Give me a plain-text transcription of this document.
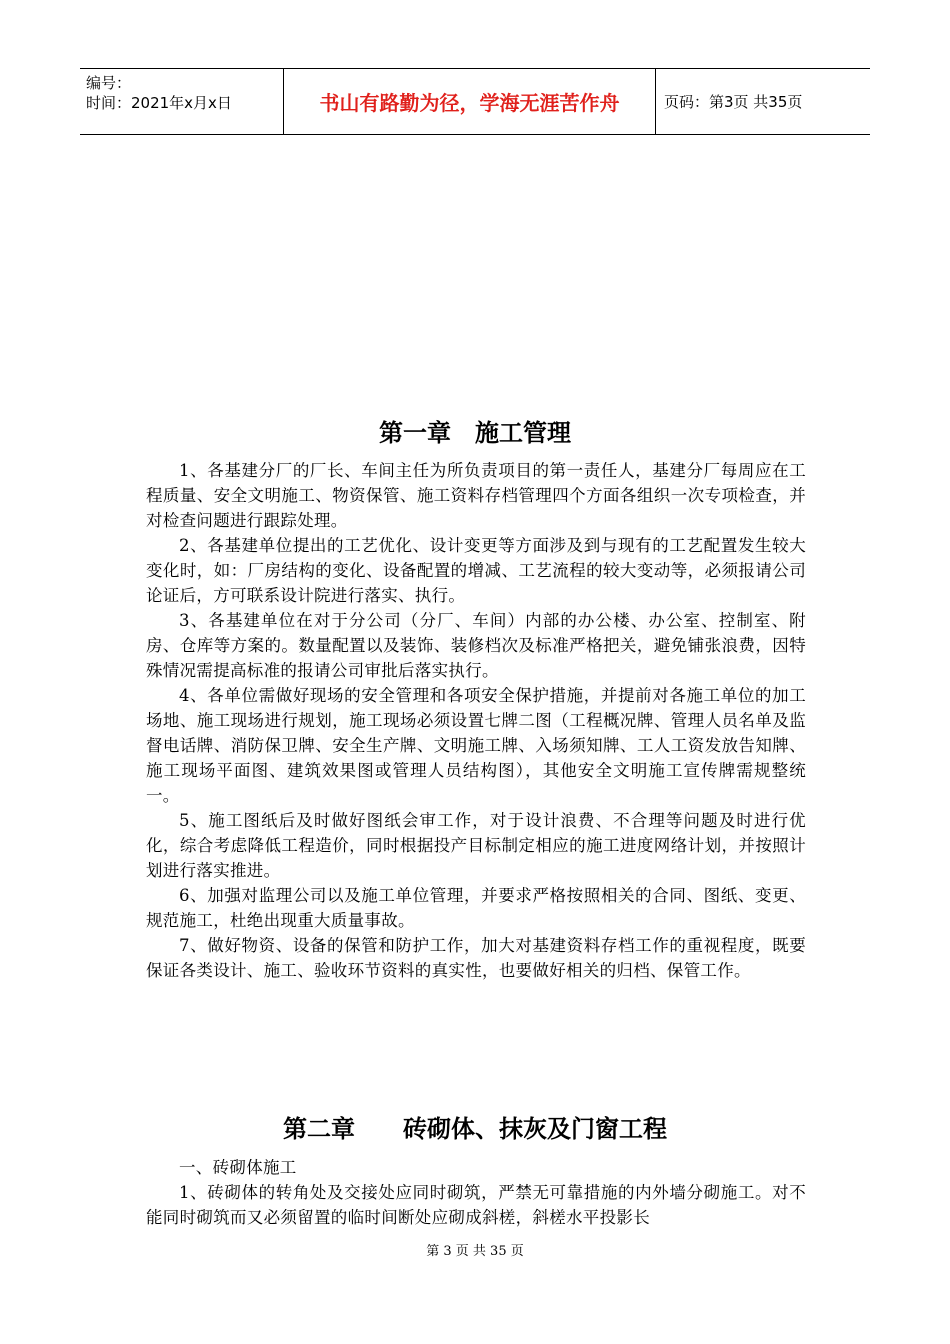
编号：
时间：2021年x月x日	书山有路勤为径，学海无涯苦作舟	页码：第3页 共35页
第一章　施工管理

1、各基建分厂的厂长、车间主任为所负责项目的第一责任人，基建分厂每周应在工程质量、安全文明施工、物资保管、施工资料存档管理四个方面各组织一次专项检查，并对检查问题进行跟踪处理。

2、各基建单位提出的工艺优化、设计变更等方面涉及到与现有的工艺配置发生较大变化时，如：厂房结构的变化、设备配置的增减、工艺流程的较大变动等，必须报请公司论证后，方可联系设计院进行落实、执行。

3、各基建单位在对于分公司（分厂、车间）内部的办公楼、办公室、控制室、附房、仓库等方案的。数量配置以及装饰、装修档次及标准严格把关，避免铺张浪费，因特殊情况需提高标准的报请公司审批后落实执行。

4、各单位需做好现场的安全管理和各项安全保护措施，并提前对各施工单位的加工场地、施工现场进行规划，施工现场必须设置七牌二图（工程概况牌、管理人员名单及监督电话牌、消防保卫牌、安全生产牌、文明施工牌、入场须知牌、工人工资发放告知牌、施工现场平面图、建筑效果图或管理人员结构图），其他安全文明施工宣传牌需规整统一。

5、施工图纸后及时做好图纸会审工作，对于设计浪费、不合理等问题及时进行优化，综合考虑降低工程造价，同时根据投产目标制定相应的施工进度网络计划，并按照计划进行落实推进。

6、加强对监理公司以及施工单位管理，并要求严格按照相关的合同、图纸、变更、规范施工，杜绝出现重大质量事故。

7、做好物资、设备的保管和防护工作，加大对基建资料存档工作的重视程度，既要保证各类设计、施工、验收环节资料的真实性，也要做好相关的归档、保管工作。

第二章　　砖砌体、抹灰及门窗工程

一、砖砌体施工

1、砖砌体的转角处及交接处应同时砌筑，严禁无可靠措施的内外墙分砌施工。对不能同时砌筑而又必须留置的临时间断处应砌成斜槎，斜槎水平投影长

第 3 页 共 35 页
